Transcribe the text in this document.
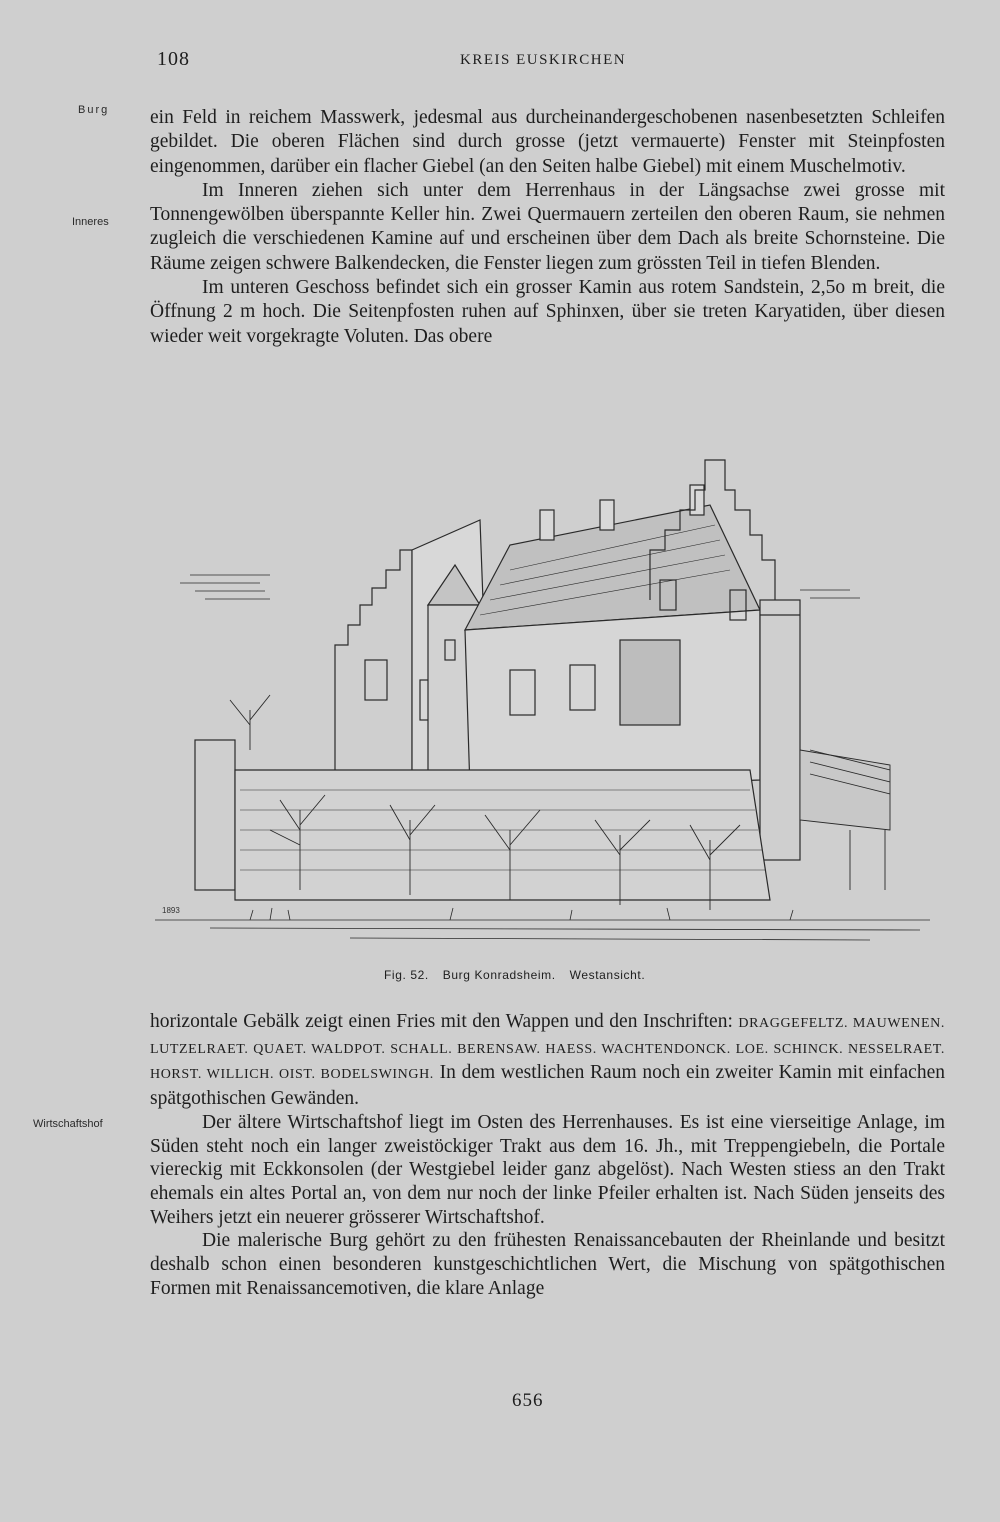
108	KREIS EUSKIRCHEN
Burg
Inneres
Wirtschaftshof

ein Feld in reichem Masswerk, jedesmal aus durcheinandergeschobenen nasenbesetzten Schleifen gebildet. Die oberen Flächen sind durch grosse (jetzt vermauerte) Fenster mit Steinpfosten eingenommen, darüber ein flacher Giebel (an den Seiten halbe Giebel) mit einem Muschelmotiv.

Im Inneren ziehen sich unter dem Herrenhaus in der Längsachse zwei grosse mit Tonnengewölben überspannte Keller hin. Zwei Quermauern zerteilen den oberen Raum, sie nehmen zugleich die verschiedenen Kamine auf und erscheinen über dem Dach als breite Schornsteine. Die Räume zeigen schwere Balkendecken, die Fenster liegen zum grössten Teil in tiefen Blenden.

Im unteren Geschoss befindet sich ein grosser Kamin aus rotem Sandstein, 2,5o m breit, die Öffnung 2 m hoch. Die Seitenpfosten ruhen auf Sphinxen, über sie treten Karyatiden, über diesen wieder weit vorgekragte Voluten. Das obere

1893
Fig. 52. Burg Konradsheim. Westansicht.

horizontale Gebälk zeigt einen Fries mit den Wappen und den Inschriften: DRAGGEFELTZ. MAUWENEN. LUTZELRAET. QUAET. WALDPOT. SCHALL. BERENSAW. HAESS. WACHTENDONCK. LOE. SCHINCK. NESSELRAET. HORST. WILLICH. OIST. BODELSWINGH. In dem westlichen Raum noch ein zweiter Kamin mit einfachen spätgothischen Gewänden.

Der ältere Wirtschaftshof liegt im Osten des Herrenhauses. Es ist eine vierseitige Anlage, im Süden steht noch ein langer zweistöckiger Trakt aus dem 16. Jh., mit Treppengiebeln, die Portale viereckig mit Eckkonsolen (der Westgiebel leider ganz abgelöst). Nach Westen stiess an den Trakt ehemals ein altes Portal an, von dem nur noch der linke Pfeiler erhalten ist. Nach Süden jenseits des Weihers jetzt ein neuerer grösserer Wirtschaftshof.

Die malerische Burg gehört zu den frühesten Renaissancebauten der Rheinlande und besitzt deshalb schon einen besonderen kunstgeschichtlichen Wert, die Mischung von spätgothischen Formen mit Renaissancemotiven, die klare Anlage

656
